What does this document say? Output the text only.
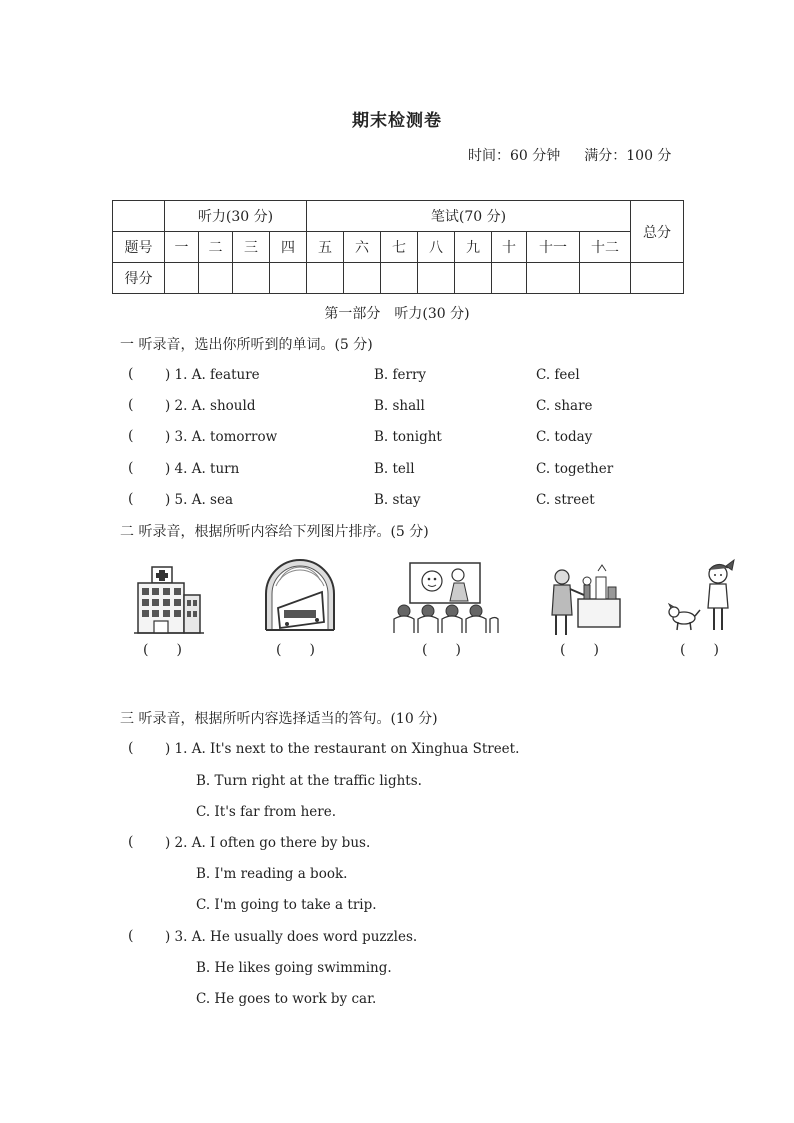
期末检测卷
时间：60 分钟 满分：100 分
	听力(30 分)				笔试(70 分)								总分
题号	一	二	三	四	五	六	七	八	九	十	十一	十二	
得分													
第一部分　听力(30 分)
一 听录音，选出你所听到的单词。(5 分)
( ) 1. A. feature	B. ferry	C. feel
( ) 2. A. should	B. shall	C. share
( ) 3. A. tomorrow	B. tonight	C. today
( ) 4. A. turn	B. tell	C. together
( ) 5. A. sea	B. stay	C. street
二 听录音，根据所听内容给下列图片排序。(5 分)
(　　)	(　　)	(　　)	(　　)	(　　)
三 听录音，根据所听内容选择适当的答句。(10 分)
( ) 1. A. It's next to the restaurant on Xinghua Street.
B. Turn right at the traffic lights.
C. It's far from here.
( ) 2. A. I often go there by bus.
B. I'm reading a book.
C. I'm going to take a trip.
( ) 3. A. He usually does word puzzles.
B. He likes going swimming.
C. He goes to work by car.
